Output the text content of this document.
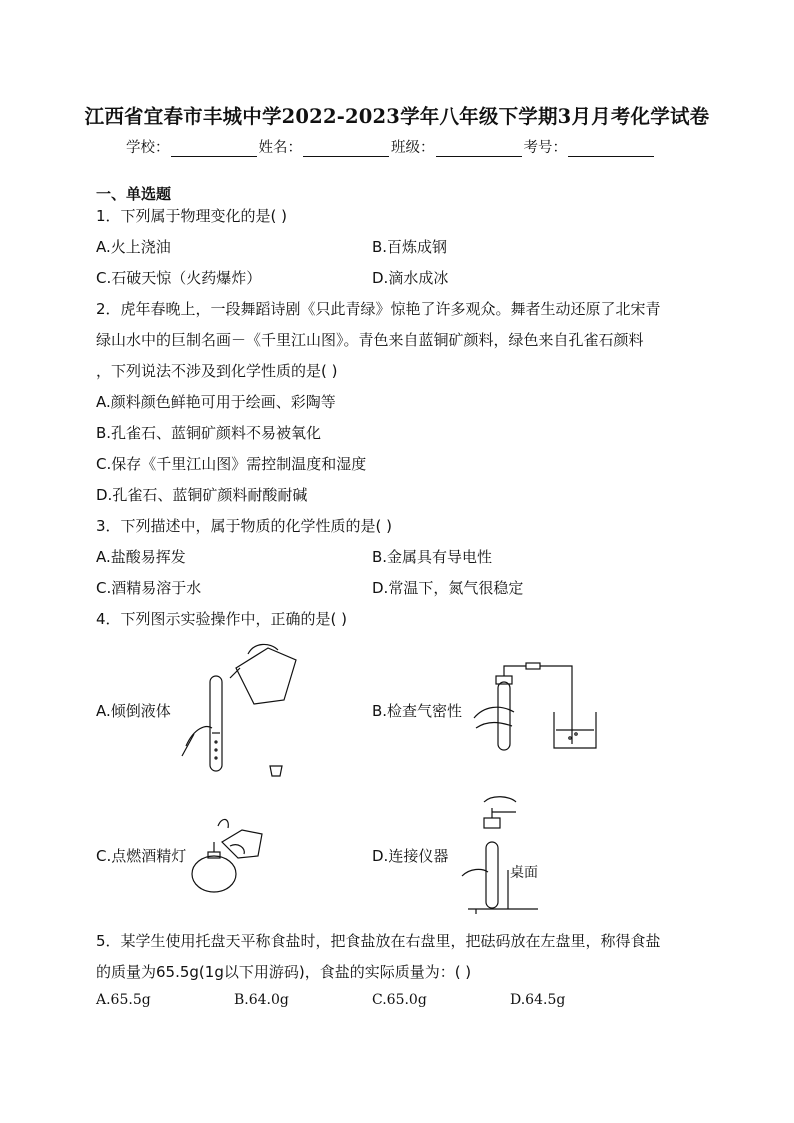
江西省宜春市丰城中学2022-2023学年八年级下学期3月月考化学试卷
学校：	姓名：	班级：	考号：
一、单选题
1．下列属于物理变化的是( )
A.火上浇油	B.百炼成钢
C.石破天惊（火药爆炸）	D.滴水成冰
2．虎年春晚上，一段舞蹈诗剧《只此青绿》惊艳了许多观众。舞者生动还原了北宋青
绿山水中的巨制名画－《千里江山图》。青色来自蓝铜矿颜料，绿色来自孔雀石颜料
，下列说法不涉及到化学性质的是( )
A.颜料颜色鲜艳可用于绘画、彩陶等
B.孔雀石、蓝铜矿颜料不易被氧化
C.保存《千里江山图》需控制温度和湿度
D.孔雀石、蓝铜矿颜料耐酸耐碱
3．下列描述中，属于物质的化学性质的是( )
A.盐酸易挥发	B.金属具有导电性
C.酒精易溶于水	D.常温下，氮气很稳定
4．下列图示实验操作中，正确的是( )
A.倾倒液体	B.检查气密性
C.点燃酒精灯	D.连接仪器
桌面
5．某学生使用托盘天平称食盐时，把食盐放在右盘里，把砝码放在左盘里，称得食盐
的质量为65.5g(1g以下用游码)，食盐的实际质量为：( )
A.65.5g	B.64.0g	C.65.0g	D.64.5g
